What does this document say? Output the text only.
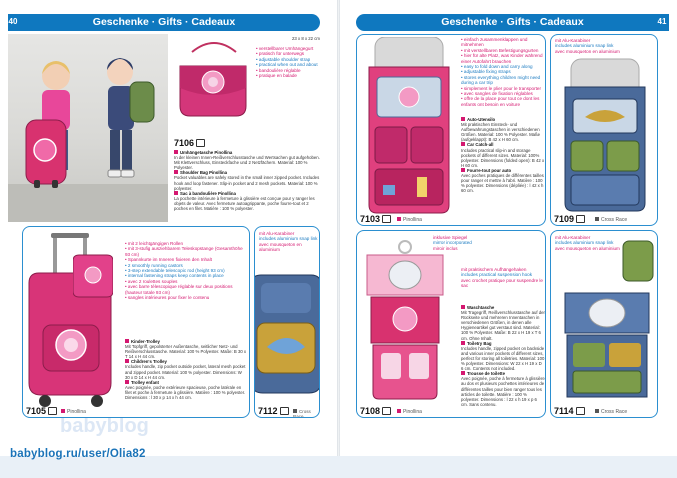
Geschenke · Gifts · Cadeaux
40	Geschenke · Gifts · Cadeaux	41
23 x 8 x 22 cm
• verstellbarer Umhängegurt
• pratisch für unterwegs
• adjustable shoulder strap
• practical when out and about
• bandoulière réglable
• pratique en balade
7106
Umhängetasche Pinollina
In der kleinen Innen-Reißverschlusstasche und Wertsachen gut aufgehoben. Mit Klettverschluss, Einsteckfache und 2 Netzfächern. Material: 100 % Polyester.
Shoulder Bag Pinollina
Pocket valuables are safely stored in the small inner zipped pocket. Includes hook and loop fastener. Slip-in pocket and 2 mesh pockets. Material: 100 % polyester.
Sac à bandoulière Pinollina
La pochette intérieure à fermeture à glissière est conçue pour y ranger les objets de valeur. Avec fermeture autoagrippante, poche fourre-tout et 2 poches en filet. Matière : 100 % polyester.
• mit 2 leichtgängigen Rollen
• mit 3-stufig ausziehbarem Teleskopstange (Gesamthöhe 93 cm)
• Spannkurte im Inneren fixieren den Inhalt
• 2 smoothly running castors
• 3-step extendable telescopic rod (height 93 cm)
• internal fastening straps keep contents in place
• avec 2 roulettes souples
• avec barre télescopique réglable sur deux positions (hauteur totale 93 cm)
• sangles intérieures pour fixer le contenu
Kinder-Trolley
Mit Topfgriff, gepolsterter Außentasche, seitlicher Netz- und Reißverschlusstasche. Material: 100 % Polyester. Maße: B 30 x T 14 x H 44 cm.
Children's Trolley
Includes handle, zip pocket outside pocket, lateral mesh pocket and zipped pocket. Material: 100 % polyester. Dimensions: W 30 x D 14 x H 44 cm.
Trolley enfant
Avec poignée, poche extérieure spacieuse, poche latérale en filet et poche à fermeture à glissière. Matière : 100 % polyester. Dimensions : l 30 x p 14 x h 44 cm.
7105	Pinollina
mit Alu-Karabiner
includes aluminium snap link
avec mousqueton en aluminium
7112	Cross Race
• einfach zusammenklappen und mitnehmen
• mit verstellbaren Befestigungsgurten
• hier für alte Platz, was Kinder während einer Autofahrt brauchen
• easy to fold down and carry along
• adjustable fixing straps
• stores everything children might need during a car trip
• simplement le plier pour le transporter
• avec sangles de fixation réglables
• offre de la place pour tout ce dont les enfants ont besoin en voiture
Auto-Utensilo
Mit praktischen Einsteck- und Aufbewahrungstaschen in verschiedenen Größen. Material: 100 % Polyester. Maße (aufgeklappt): B 42 x H 60 cm.
Car Catch-all
Includes practical slip-in and storage pockets of different sizes. Material: 100% polyester. Dimensions (folded open): B 42 x H 60 cm.
Fourre-tout pour auto
Avec poches pratiques de différentes tailles pour ranger et mettre à l'abri. Matière : 100 % polyester. Dimensions (dépliée) : l 42 x h 60 cm.
7103	Pinollina
mit Alu-Karabiner
includes aluminium snap link
avec mousqueton en aluminium
7109	Cross Race
inklusive Spiegel
mirror incorporated
miroir inclus
mit praktischem Aufhängehaken
includes practical suspension hook
avec crochet pratique pour suspendre le sac
Waschtasche
Mit Tragegriff, Reißverschlusstasche auf der Rückseite und mehreren Innentaschen in verschiedenen Größen, in denen alle Hygieneartikel gut verstaut sind. Material: 100 % Polyester. Maße: B 22 x H 19 x T 6 cm. Ohne Inhalt.
Toiletry Bag
Includes handle, zipped pocket on backside and various inner pockets of different sizes, perfect for storing all toiletries. Material: 100 % polyester. Dimensions: W 22 x H 19 x D 6 cm. Contents not included.
Trousse de toilette
Avec poignée, poche à fermeture à glissière au dos et plusieurs pochettes intérieures de différentes tailles pour bien ranger tous les articles de toilette. Matière : 100 % polyester. Dimensions : l 22 x h 19 x p 6 cm. Sans contenu.
7108	Pinollina
mit Alu-Karabiner
includes aluminium snap link
avec mousqueton en aluminium
7114	Cross Race
babyblog
babyblog.ru/user/Olia82
